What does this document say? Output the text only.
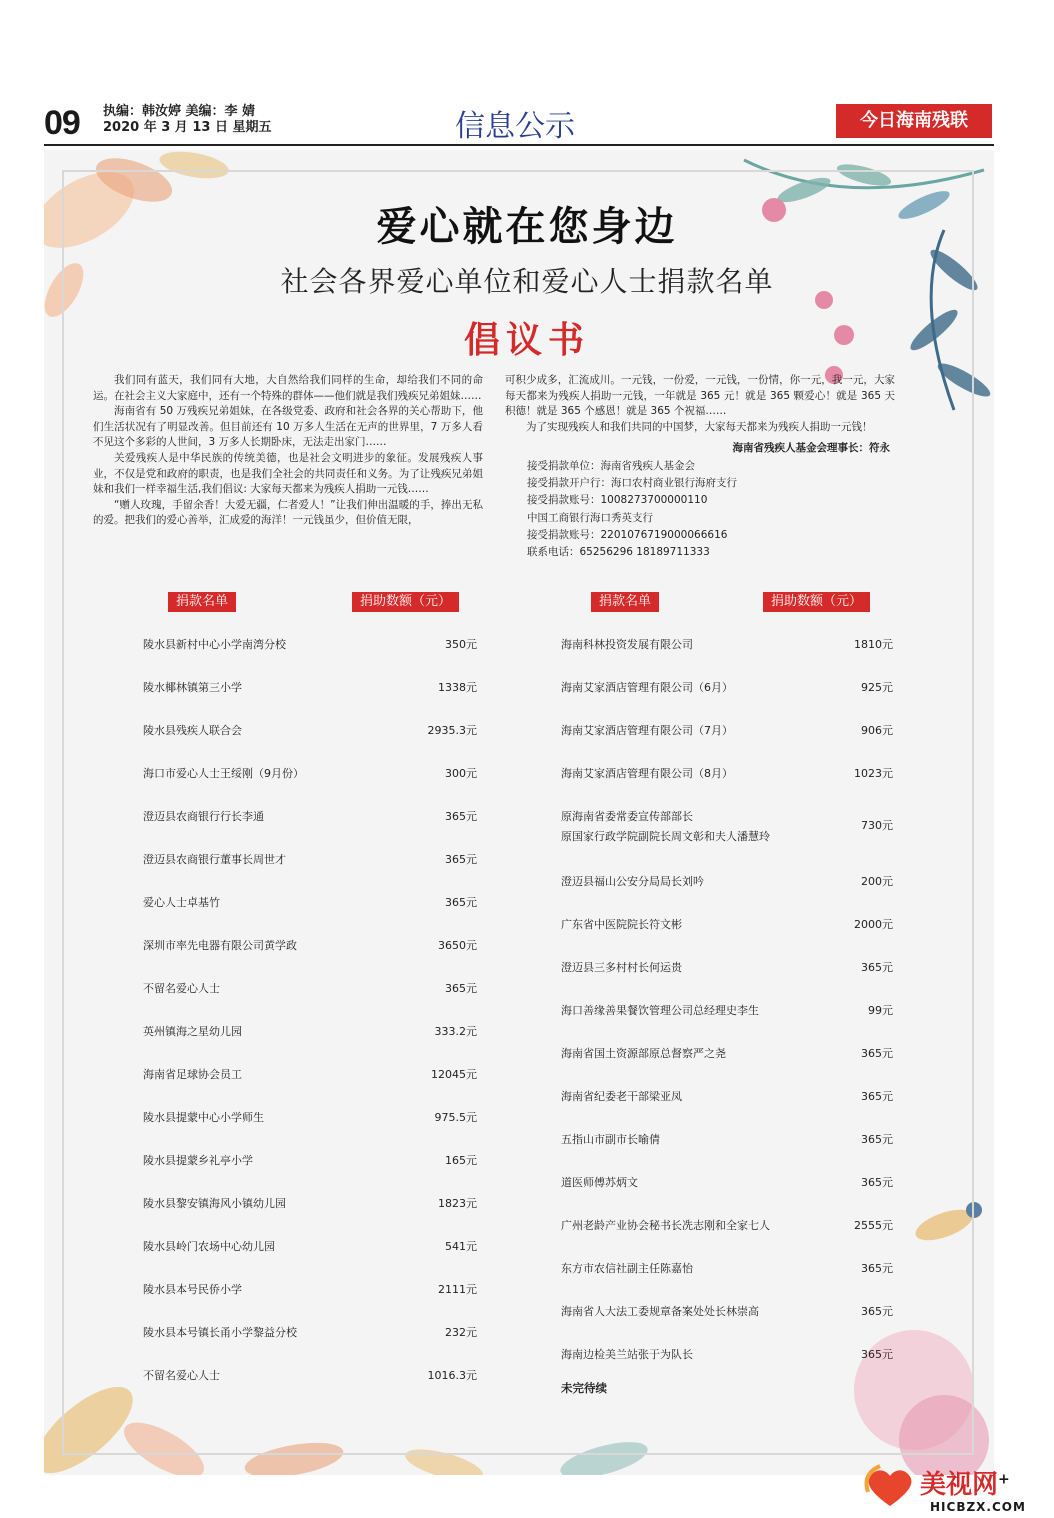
09 执编：韩汝婷 美编：李 婧
2020 年 3 月 13 日 星期五	信息公示	今日海南残联
爱心就在您身边
社会各界爱心单位和爱心人士捐款名单
倡议书

我们同有蓝天，我们同有大地，大自然给我们同样的生命，却给我们不同的命运。在社会主义大家庭中，还有一个特殊的群体——他们就是我们残疾兄弟姐妹……

海南省有 50 万残疾兄弟姐妹，在各级党委、政府和社会各界的关心帮助下，他们生活状况有了明显改善。但目前还有 10 万多人生活在无声的世界里，7 万多人看不见这个多彩的人世间，3 万多人长期卧床，无法走出家门……

关爱残疾人是中华民族的传统美德，也是社会文明进步的象征。发展残疾人事业，不仅是党和政府的职责，也是我们全社会的共同责任和义务。为了让残疾兄弟姐妹和我们一样幸福生活,我们倡议: 大家每天都来为残疾人捐助一元钱……

“赠人玫瑰，手留余香！大爱无疆，仁者爱人！”让我们伸出温暖的手，捧出无私的爱。把我们的爱心善举，汇成爱的海洋！一元钱虽少，但价值无限，

可积少成多，汇流成川。一元钱，一份爱，一元钱，一份情，你一元，我一元，大家每天都来为残疾人捐助一元钱，一年就是 365 元！就是 365 颗爱心！就是 365 天积德！就是 365 个感恩！就是 365 个祝福……

为了实现残疾人和我们共同的中国梦，大家每天都来为残疾人捐助一元钱！

海南省残疾人基金会理事长：符永
接受捐款单位：海南省残疾人基金会
接受捐款开户行：海口农村商业银行海府支行
接受捐款账号：1008273700000110
中国工商银行海口秀英支行
接受捐款账号：2201076719000066616
联系电话：65256296 18189711333
捐款名单	捐助数额（元）	捐款名单	捐助数额（元）
陵水县新村中心小学南湾分校	350元
陵水椰林镇第三小学	1338元
陵水县残疾人联合会	2935.3元
海口市爱心人士王绥刚（9月份）	300元
澄迈县农商银行行长李通	365元
澄迈县农商银行董事长周世才	365元
爱心人士卓基竹	365元
深圳市率先电器有限公司黄学政	3650元
不留名爱心人士	365元
英州镇海之星幼儿园	333.2元
海南省足球协会员工	12045元
陵水县提蒙中心小学师生	975.5元
陵水县提蒙乡礼亭小学	165元
陵水县黎安镇海风小镇幼儿园	1823元
陵水县岭门农场中心幼儿园	541元
陵水县本号民侨小学	2111元
陵水县本号镇长甬小学黎益分校	232元
不留名爱心人士	1016.3元
海南科林投资发展有限公司	1810元
海南艾家酒店管理有限公司（6月）	925元
海南艾家酒店管理有限公司（7月）	906元
海南艾家酒店管理有限公司（8月）	1023元
原海南省委常委宣传部部长
原国家行政学院副院长周文彰和夫人潘慧玲
730元
澄迈县福山公安分局局长刘吟	200元
广东省中医院院长符文彬	2000元
澄迈县三多村村长何运贵	365元
海口善缘善果餐饮管理公司总经理史李生	99元
海南省国土资源部原总督察严之尧	365元
海南省纪委老干部梁亚凤	365元
五指山市副市长喻倩	365元
道医师傅苏炳文	365元
广州老龄产业协会秘书长冼志刚和全家七人	2555元
东方市农信社副主任陈嘉怡	365元
海南省人大法工委规章备案处处长林崇高	365元
海南边检美兰站张于为队长	365元
未完待续
美视网+
HICBZX.COM
